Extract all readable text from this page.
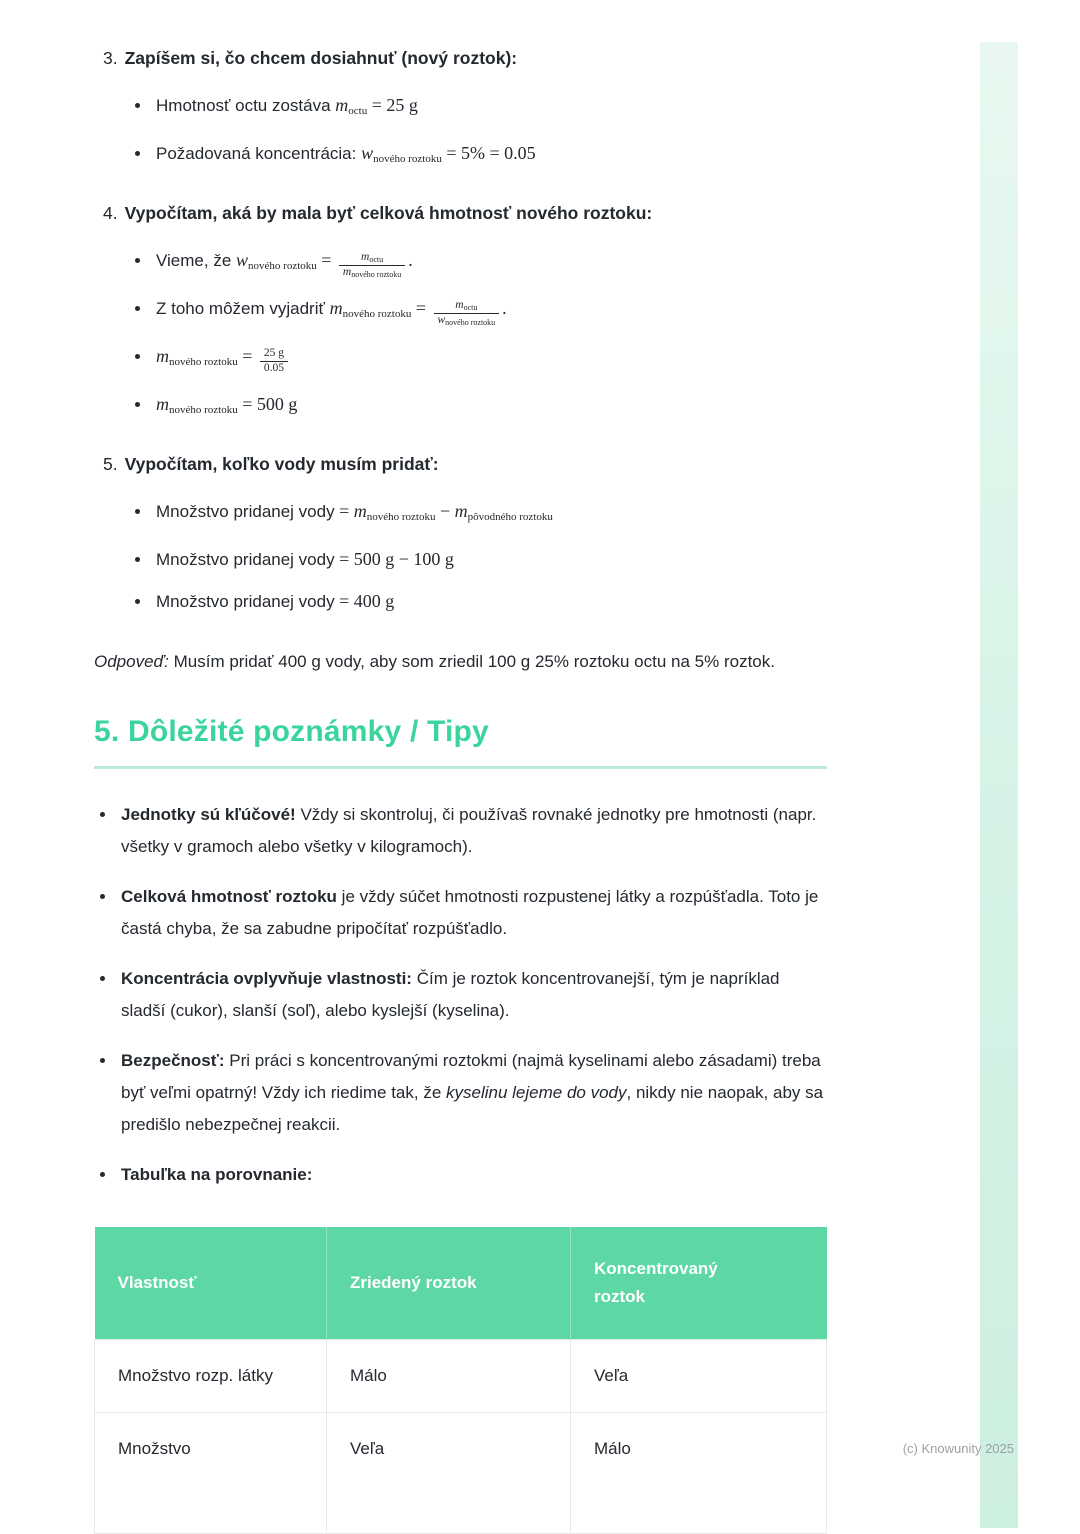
(c) Knowunity 2025
3. Zapíšem si, čo chcem dosiahnuť (nový roztok):
Hmotnosť octu zostáva moctu = 25 g
Požadovaná koncentrácia: wnového roztoku = 5% = 0.05
4. Vypočítam, aká by mala byť celková hmotnosť nového roztoku:
Vieme, že wnového roztoku = $\frac{\text{moctu}}{\text{mnového roztoku}}$ .
Z toho môžem vyjadriť mnového roztoku = $\frac{\text{moctu}}{\text{wnového roztoku}}$ .
mnového roztoku = $\frac{25 g}{0.05}$
mnového roztoku = 500 g
5. Vypočítam, koľko vody musím pridať:
Množstvo pridanej vody = mnového roztoku − mpôvodného roztoku
Množstvo pridanej vody = 500 g − 100 g
Množstvo pridanej vody = 400 g

Odpoveď: Musím pridať 400 g vody, aby som zriedil 100 g 25% roztoku octu na 5% roztok.

5. Dôležité poznámky / Tipy
Jednotky sú kľúčové! Vždy si skontroluj, či používaš rovnaké jednotky pre hmotnosti (napr. všetky v gramoch alebo všetky v kilogramoch).
Celková hmotnosť roztoku je vždy súčet hmotnosti rozpustenej látky a rozpúšťadla. Toto je častá chyba, že sa zabudne pripočítať rozpúšťadlo.
Koncentrácia ovplyvňuje vlastnosti: Čím je roztok koncentrovanejší, tým je napríklad sladší (cukor), slanší (soľ), alebo kyslejší (kyselina).
Bezpečnosť: Pri práci s koncentrovanými roztokmi (najmä kyselinami alebo zásadami) treba byť veľmi opatrný! Vždy ich riedime tak, že kyselinu lejeme do vody, nikdy nie naopak, aby sa predišlo nebezpečnej reakcii.
Tabuľka na porovnanie:
Vlastnosť	Zriedený roztok	Koncentrovaný roztok
Množstvo rozp. látky	Málo	Veľa
Množstvo	Veľa	Málo
